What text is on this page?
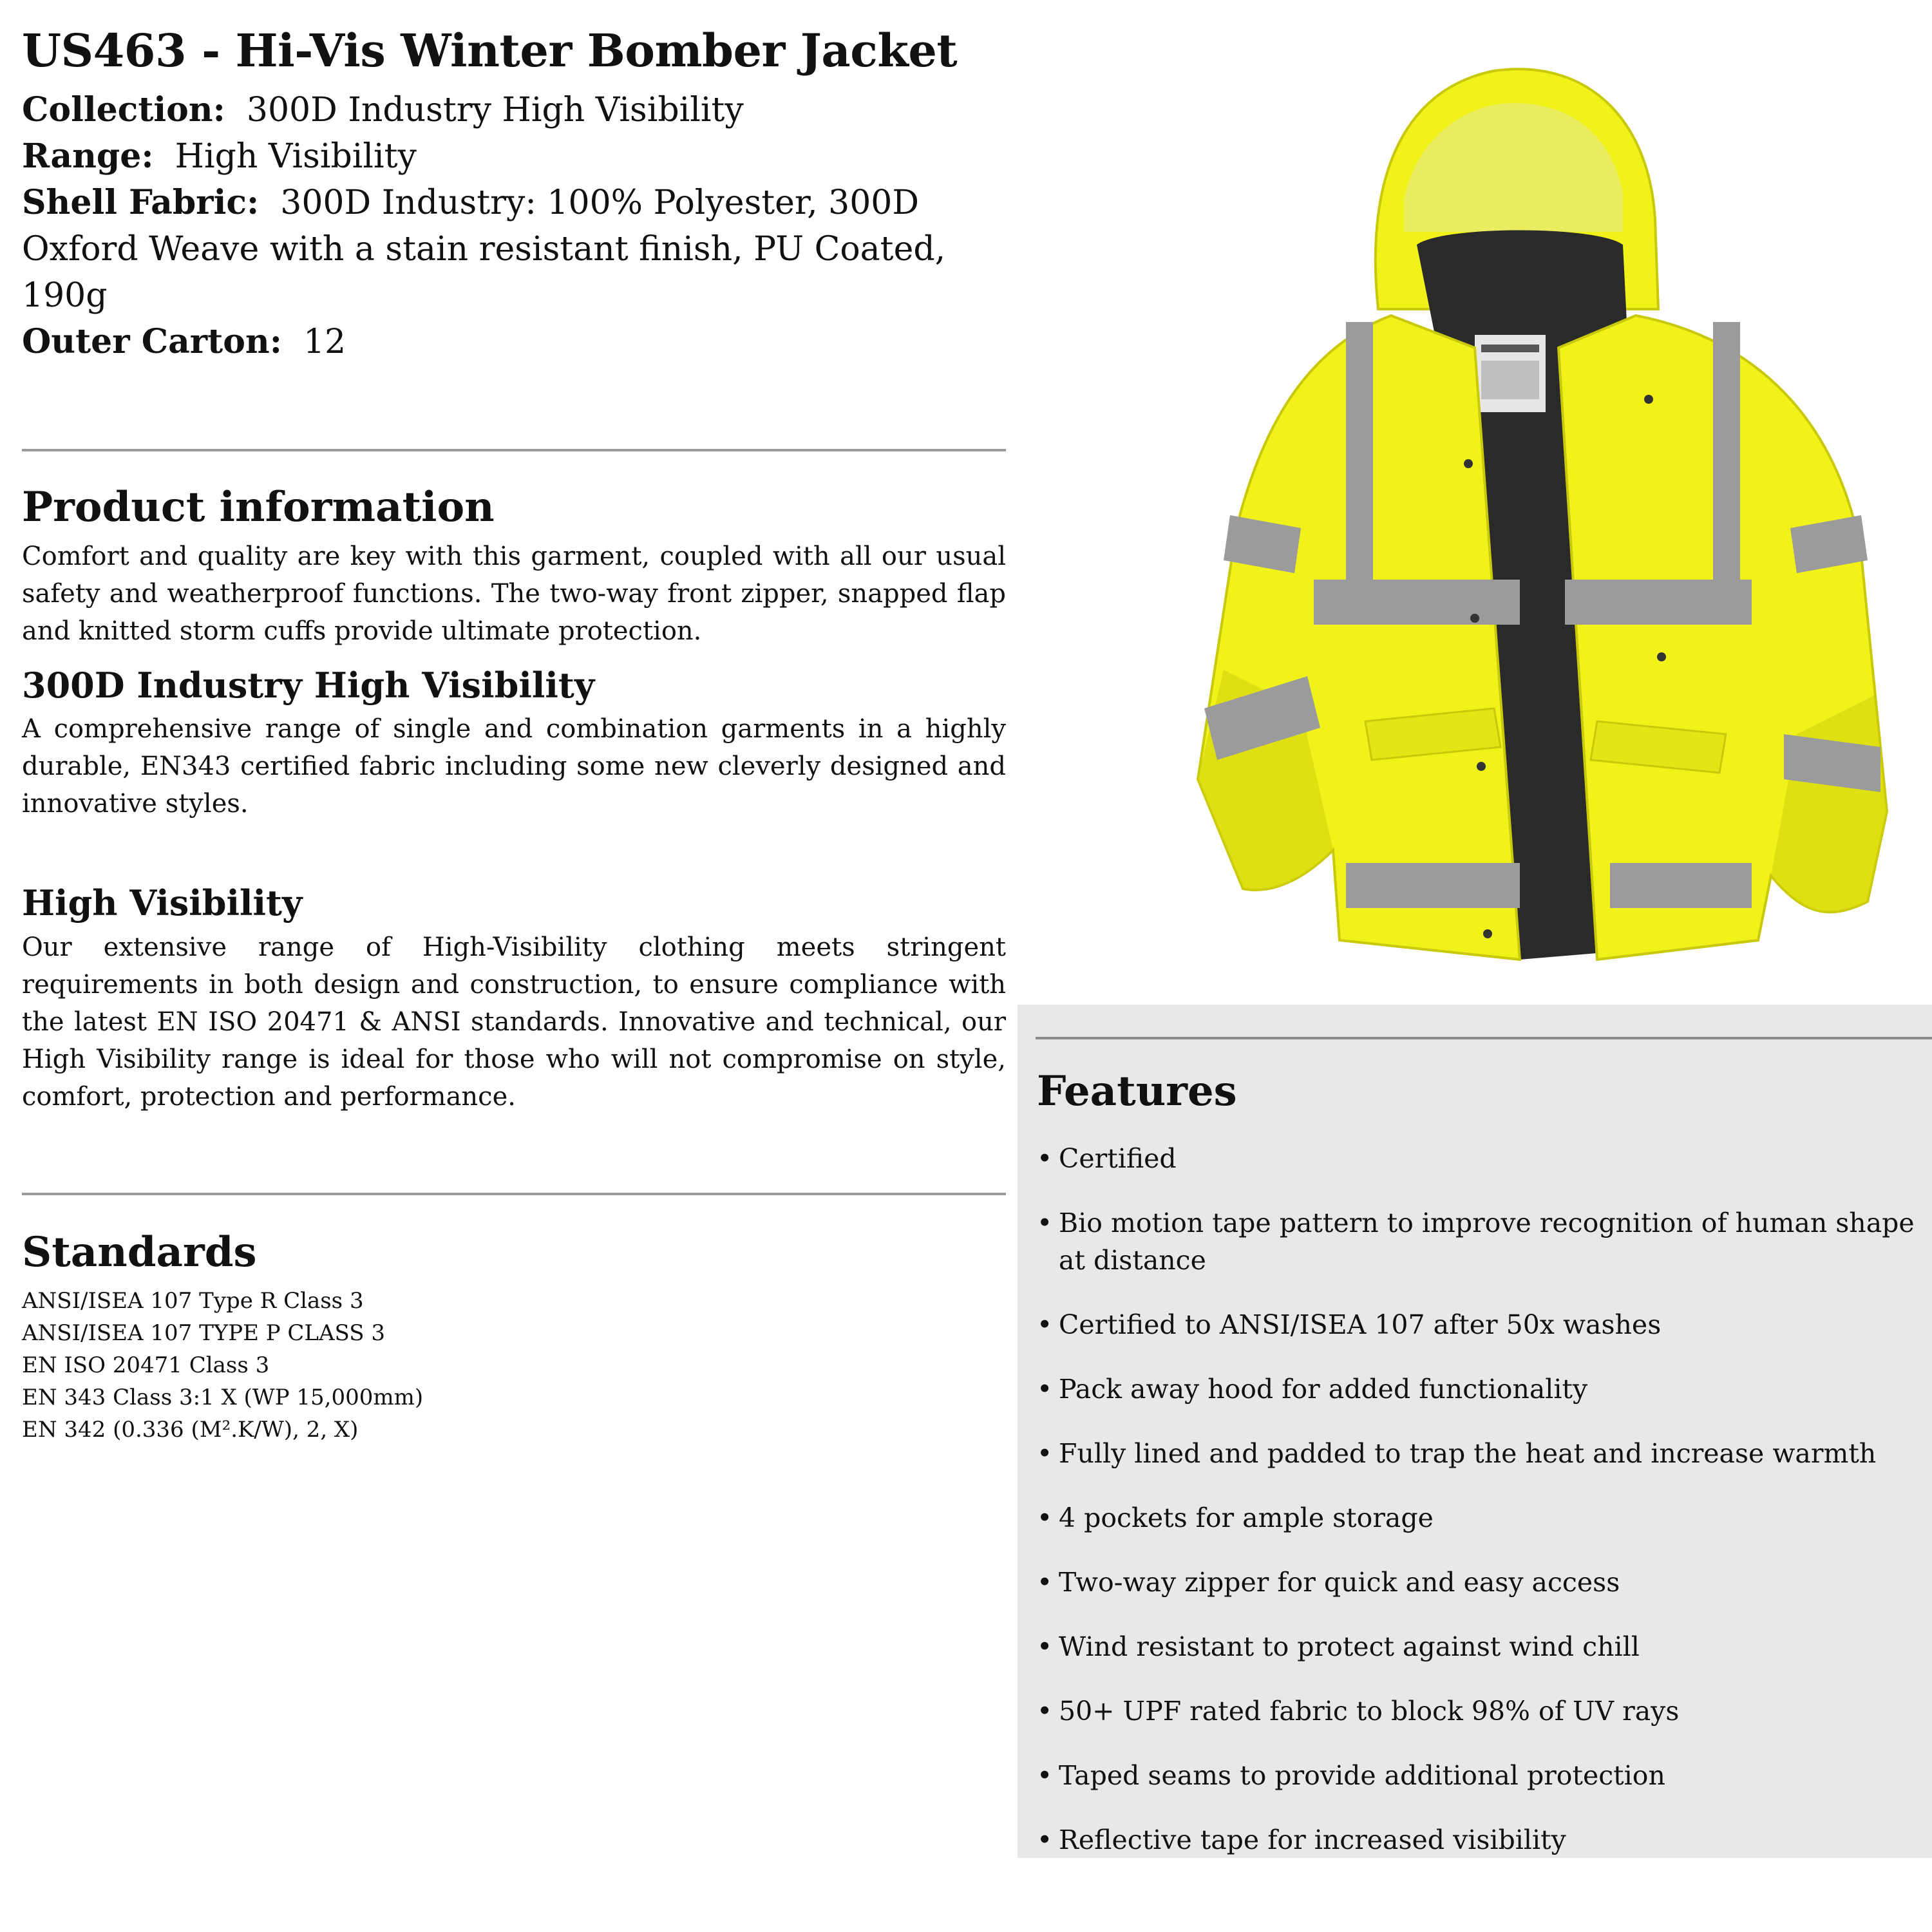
US463 - Hi-Vis Winter Bomber Jacket

Collection: 300D Industry High Visibility

Range: High Visibility

Shell Fabric: 300D Industry: 100% Polyester, 300D Oxford Weave with a stain resistant finish, PU Coated, 190g

Outer Carton: 12

Product information

Comfort and quality are key with this garment, coupled with all our usual safety and weatherproof functions. The two-way front zipper, snapped flap and knitted storm cuffs provide ultimate protection.

300D Industry High Visibility

A comprehensive range of single and combination garments in a highly durable, EN343 certified fabric including some new cleverly designed and innovative styles.

High Visibility

Our extensive range of High-Visibility clothing meets stringent requirements in both design and construction, to ensure compliance with the latest EN ISO 20471 & ANSI standards. Innovative and technical, our High Visibility range is ideal for those who will not compromise on style, comfort, protection and performance.

Standards

ANSI/ISEA 107 Type R Class 3

ANSI/ISEA 107 TYPE P CLASS 3

EN ISO 20471 Class 3

EN 343 Class 3:1 X (WP 15,000mm)

EN 342 (0.336 (M².K/W), 2, X)

Features
• Certified
• Bio motion tape pattern to improve recognition of human shape at distance
• Certified to ANSI/ISEA 107 after 50x washes
• Pack away hood for added functionality
• Fully lined and padded to trap the heat and increase warmth
• 4 pockets for ample storage
• Two-way zipper for quick and easy access
• Wind resistant to protect against wind chill
• 50+ UPF rated fabric to block 98% of UV rays
• Taped seams to provide additional protection
• Reflective tape for increased visibility
